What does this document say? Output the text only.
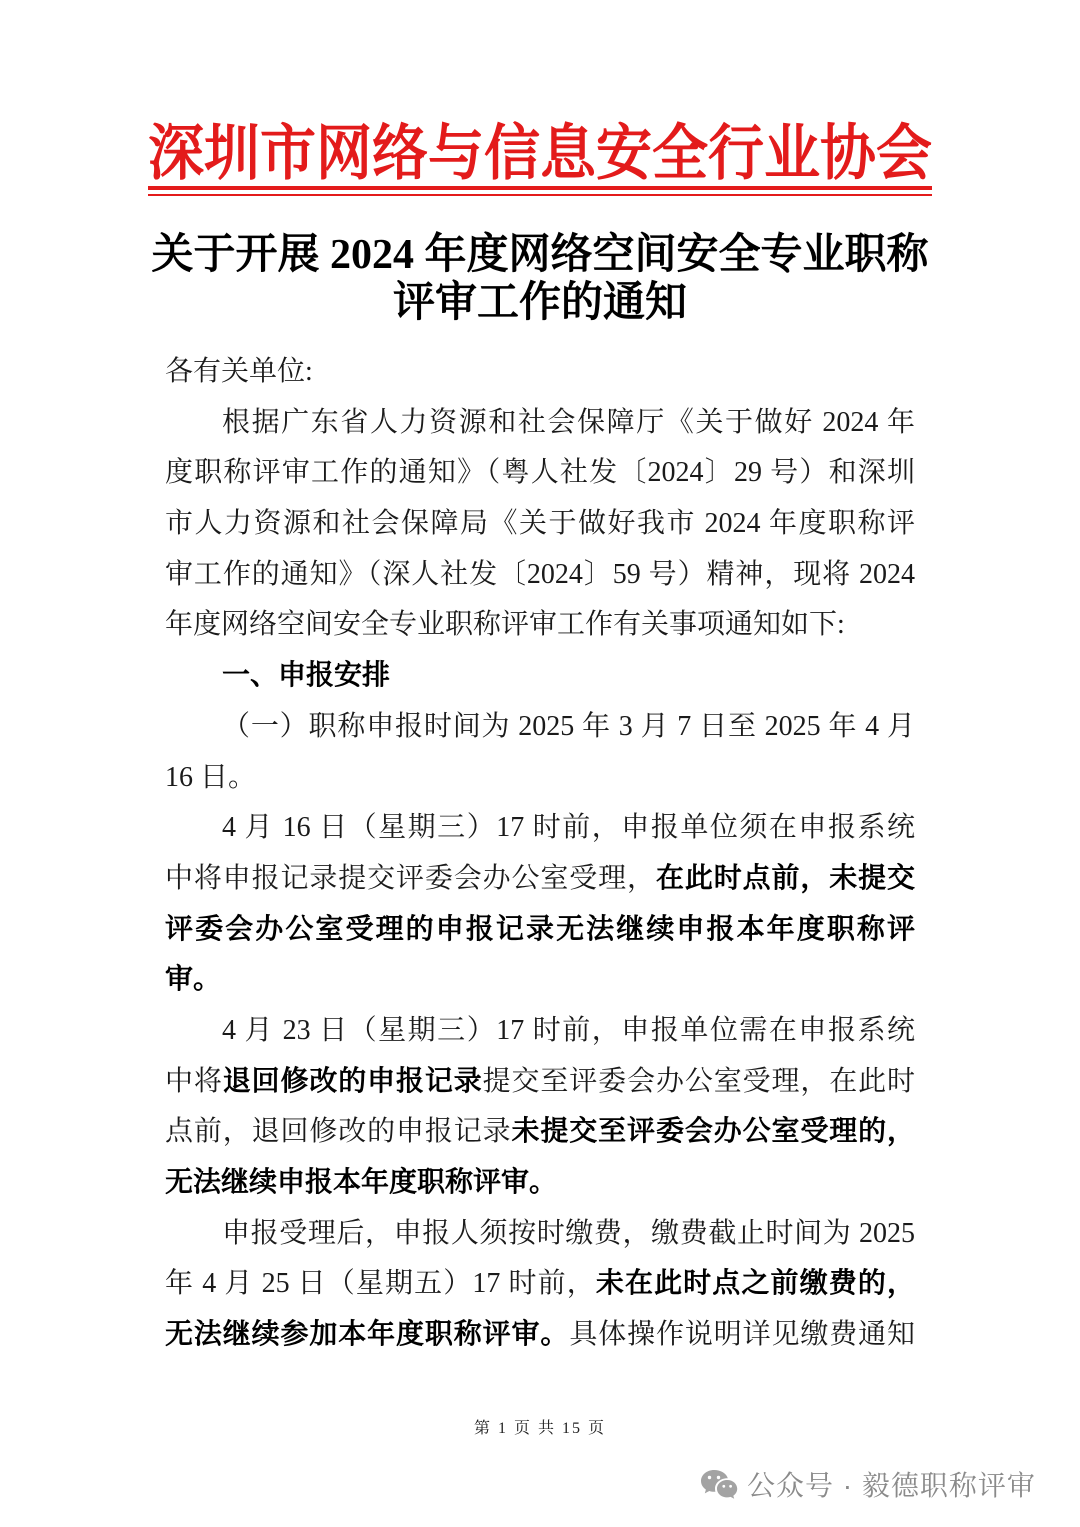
深圳市网络与信息安全行业协会
关于开展 2024 年度网络空间安全专业职称
评审工作的通知
各有关单位:
根据广东省人力资源和社会保障厅《关于做好 2024 年
度职称评审工作的通知》（粤人社发〔2024〕29 号）和深圳
市人力资源和社会保障局《关于做好我市 2024 年度职称评
审工作的通知》（深人社发〔2024〕59 号）精神，现将 2024
年度网络空间安全专业职称评审工作有关事项通知如下:
一、申报安排
（一）职称申报时间为 2025 年 3 月 7 日至 2025 年 4 月
16 日。
4 月 16 日（星期三）17 时前，申报单位须在申报系统
中将申报记录提交评委会办公室受理，在此时点前，未提交
评委会办公室受理的申报记录无法继续申报本年度职称评
审。
4 月 23 日（星期三）17 时前，申报单位需在申报系统
中将退回修改的申报记录提交至评委会办公室受理，在此时
点前，退回修改的申报记录未提交至评委会办公室受理的，
无法继续申报本年度职称评审。
申报受理后，申报人须按时缴费，缴费截止时间为 2025
年 4 月 25 日（星期五）17 时前，未在此时点之前缴费的，
无法继续参加本年度职称评审。具体操作说明详见缴费通知
第 1 页 共 15 页
公众号 · 毅德职称评审
